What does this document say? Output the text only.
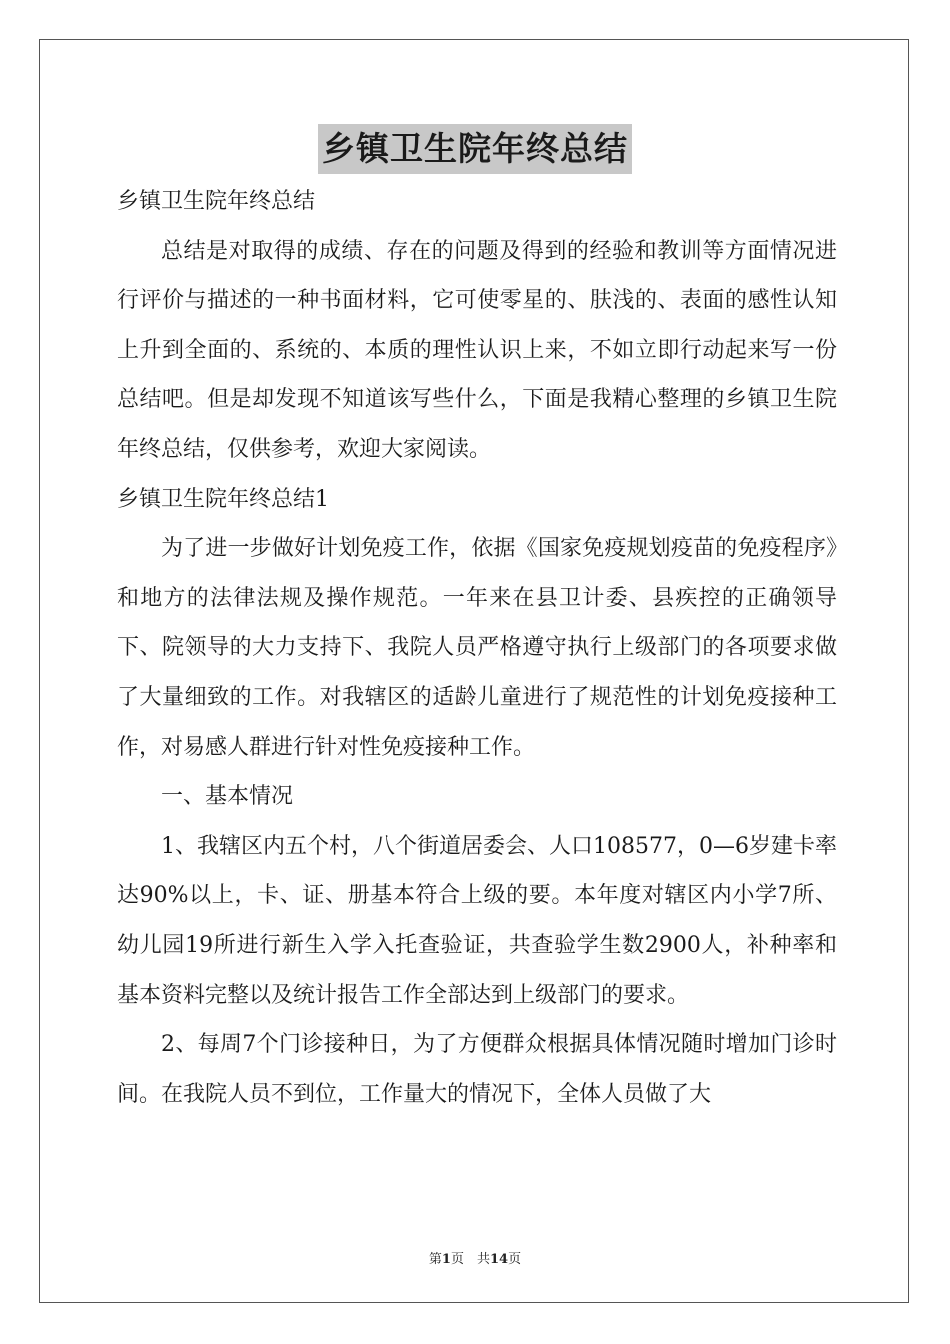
乡镇卫生院年终总结

乡镇卫生院年终总结

总结是对取得的成绩、存在的问题及得到的经验和教训等方面情况进行评价与描述的一种书面材料，它可使零星的、肤浅的、表面的感性认知上升到全面的、系统的、本质的理性认识上来，不如立即行动起来写一份总结吧。但是却发现不知道该写些什么，下面是我精心整理的乡镇卫生院年终总结，仅供参考，欢迎大家阅读。

乡镇卫生院年终总结1

为了进一步做好计划免疫工作，依据《国家免疫规划疫苗的免疫程序》和地方的法律法规及操作规范。一年来在县卫计委、县疾控的正确领导下、院领导的大力支持下、我院人员严格遵守执行上级部门的各项要求做了大量细致的工作。对我辖区的适龄儿童进行了规范性的计划免疫接种工作，对易感人群进行针对性免疫接种工作。

一、基本情况

1、我辖区内五个村，八个街道居委会、人口108577，0—6岁建卡率达90%以上，卡、证、册基本符合上级的要。本年度对辖区内小学7所、幼儿园19所进行新生入学入托查验证，共查验学生数2900人，补种率和基本资料完整以及统计报告工作全部达到上级部门的要求。

2、每周7个门诊接种日，为了方便群众根据具体情况随时增加门诊时间。在我院人员不到位，工作量大的情况下，全体人员做了大

第1页　共14页
